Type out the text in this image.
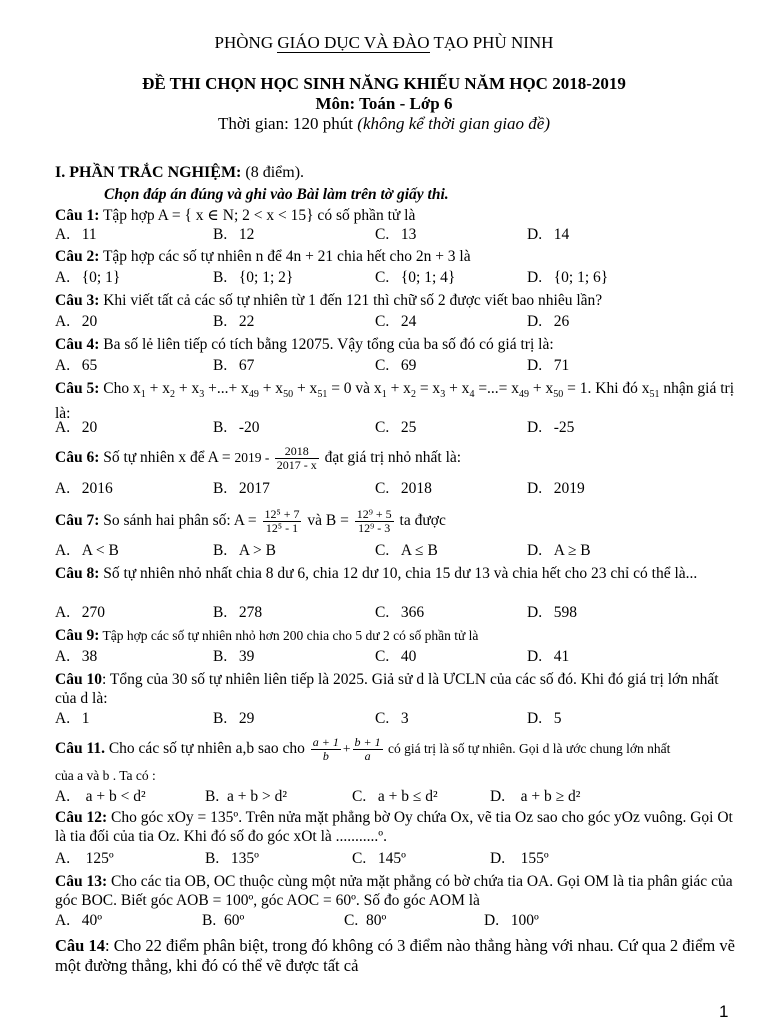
PHÒNG GIÁO DỤC VÀ ĐÀO TẠO PHÙ NINH
ĐỀ THI CHỌN HỌC SINH NĂNG KHIẾU NĂM HỌC 2018-2019
Môn: Toán - Lớp 6
Thời gian: 120 phút (không kể thời gian giao đề)
I. PHẦN TRẮC NGHIỆM: (8 điểm).
Chọn đáp án đúng và ghi vào Bài làm trên tờ giấy thi.
Câu 1: Tập hợp A = { x ∈ N; 2 < x < 15} có số phần tử là
A. 11	B. 12	C. 13	D. 14
Câu 2: Tập hợp các số tự nhiên n để 4n + 21 chia hết cho 2n + 3 là
A. {0; 1}	B. {0; 1; 2}	C. {0; 1; 4}	D. {0; 1; 6}
Câu 3: Khi viết tất cả các số tự nhiên từ 1 đến 121 thì chữ số 2 được viết bao nhiêu lần?
A. 20	B. 22	C. 24	D. 26
Câu 4: Ba số lẻ liên tiếp có tích bằng 12075. Vậy tổng của ba số đó có giá trị là:
A. 65	B. 67	C. 69	D. 71
Câu 5: Cho $x_1 + x_2 + x_3$ +...+ $x_{49} + x_{50} + x_{51} = 0$ và $x_1 + x_2 = x_3 + x_4$ =...= $x_{49} + x_{50} = 1$. Khi đó $x_{51}$ nhận giá trị là:
A. 20	B. -20	C. 25	D. -25
Câu 6: Số tự nhiên x để $A = 2019 - \frac{2018}{2017 - x}$ đạt giá trị nhỏ nhất là:
A. 2016	B. 2017	C. 2018	D. 2019
Câu 7: So sánh hai phân số: $A = \frac{\text{12⁵ + 7}}{\text{12⁵ - 1}}$ và $B = \frac{\text{12⁹ + 5}}{\text{12⁹ - 3}}$ ta được
A. A < B	B. A > B	C. A ≤ B	D. A ≥ B
Câu 8: Số tự nhiên nhỏ nhất chia 8 dư 6, chia 12 dư 10, chia 15 dư 13 và chia hết cho 23 chỉ có thể là...
A. 270	B. 278	C. 366	D. 598
Câu 9: Tập hợp các số tự nhiên nhỏ hơn 200 chia cho 5 dư 2 có số phần tử là
A. 38	B. 39	C. 40	D. 41
Câu 10: Tổng của 30 số tự nhiên liên tiếp là 2025. Giả sử d là ƯCLN của các số đó. Khi đó giá trị lớn nhất của d là:
A. 1	B. 29	C. 3	D. 5
Câu 11. Cho các số tự nhiên a,b sao cho $\frac{a + 1}{b} + \frac{b + 1}{a}$ có giá trị là số tự nhiên. Gọi d là ước chung lớn nhất
của a và b . Ta có :
A. a + b < d²	B. a + b > d²	C. a + b ≤ d²	D. a + b ≥ d²
Câu 12: Cho góc xOy = 135º. Trên nửa mặt phẳng bờ Oy chứa Ox, vẽ tia Oz sao cho góc yOz vuông. Gọi Ot là tia đối của tia Oz. Khi đó số đo góc xOt là ...........º.
A. 125º	B. 135º	C. 145º	D. 155º
Câu 13: Cho các tia OB, OC thuộc cùng một nửa mặt phẳng có bờ chứa tia OA. Gọi OM là tia phân giác của góc BOC. Biết góc AOB = 100º, góc AOC = 60º. Số đo góc AOM là
A. 40º	B. 60º	C. 80º	D. 100º
Câu 14: Cho 22 điểm phân biệt, trong đó không có 3 điểm nào thẳng hàng với nhau. Cứ qua 2 điểm vẽ một đường thẳng, khi đó có thể vẽ được tất cả
1
